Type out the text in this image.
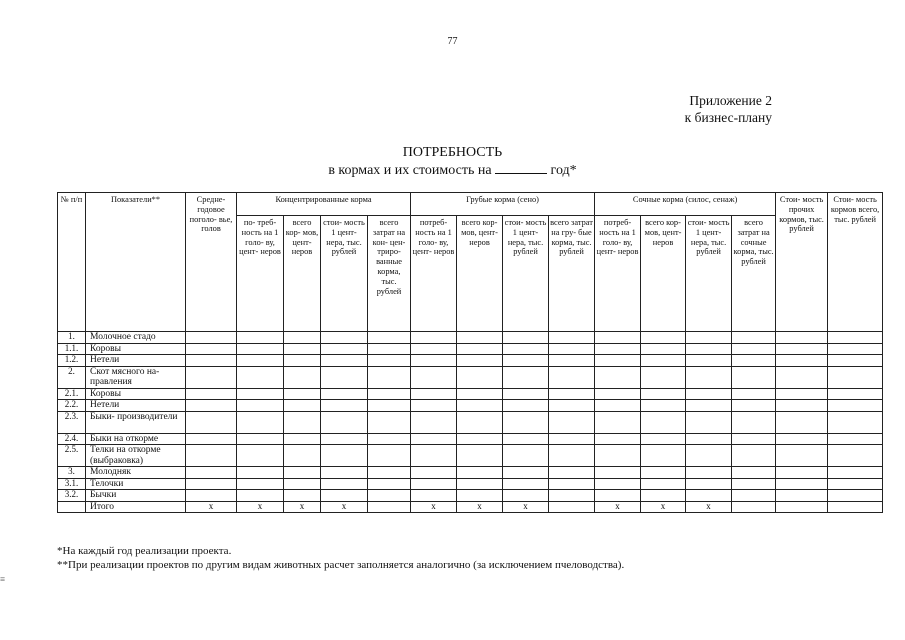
77
Приложение 2
к бизнес-плану
ПОТРЕБНОСТЬ
в кормах и их стоимость на	год*
№ п/п	Показатели**	Средне- годовое поголо- вье, голов	Концентрированные корма				Грубые корма (сено)				Сочные корма (силос, сенаж)				Стои- мость прочих кормов, тыс. рублей	Стои- мость кормов всего, тыс. рублей
			по- треб- ность на 1 голо- ву, цент- неров	всего кор- мов, цент- неров	стои- мость 1 цент- нера, тыс. рублей	всего затрат на кон- цен- триро- ванные корма, тыс. рублей	потреб- ность на 1 голо- ву, цент- неров	всего кор- мов, цент- неров	стои- мость 1 цент- нера, тыс. рублей	всего затрат на гру- бые корма, тыс. рублей	потреб- ность на 1 голо- ву, цент- неров	всего кор- мов, цент- неров	стои- мость 1 цент- нера, тыс. рублей	всего затрат на сочные корма, тыс. рублей		
1.	Молочное стадо															
1.1.	Коровы															
1.2.	Нетели															
2.	Скот мясного на- правления															
2.1.	Коровы															
2.2.	Нетели															
2.3.	Быки- производители															
2.4.	Быки на откорме															
2.5.	Телки на откорме (выбраковка)															
3.	Молодняк															
3.1.	Телочки															
3.2.	Бычки															
	Итого	x	x	x	x		x	x	x		x	x	x			
*На каждый год реализации проекта.
**При реализации проектов по другим видам животных расчет заполняется аналогично (за исключением пчеловодства).
≡
